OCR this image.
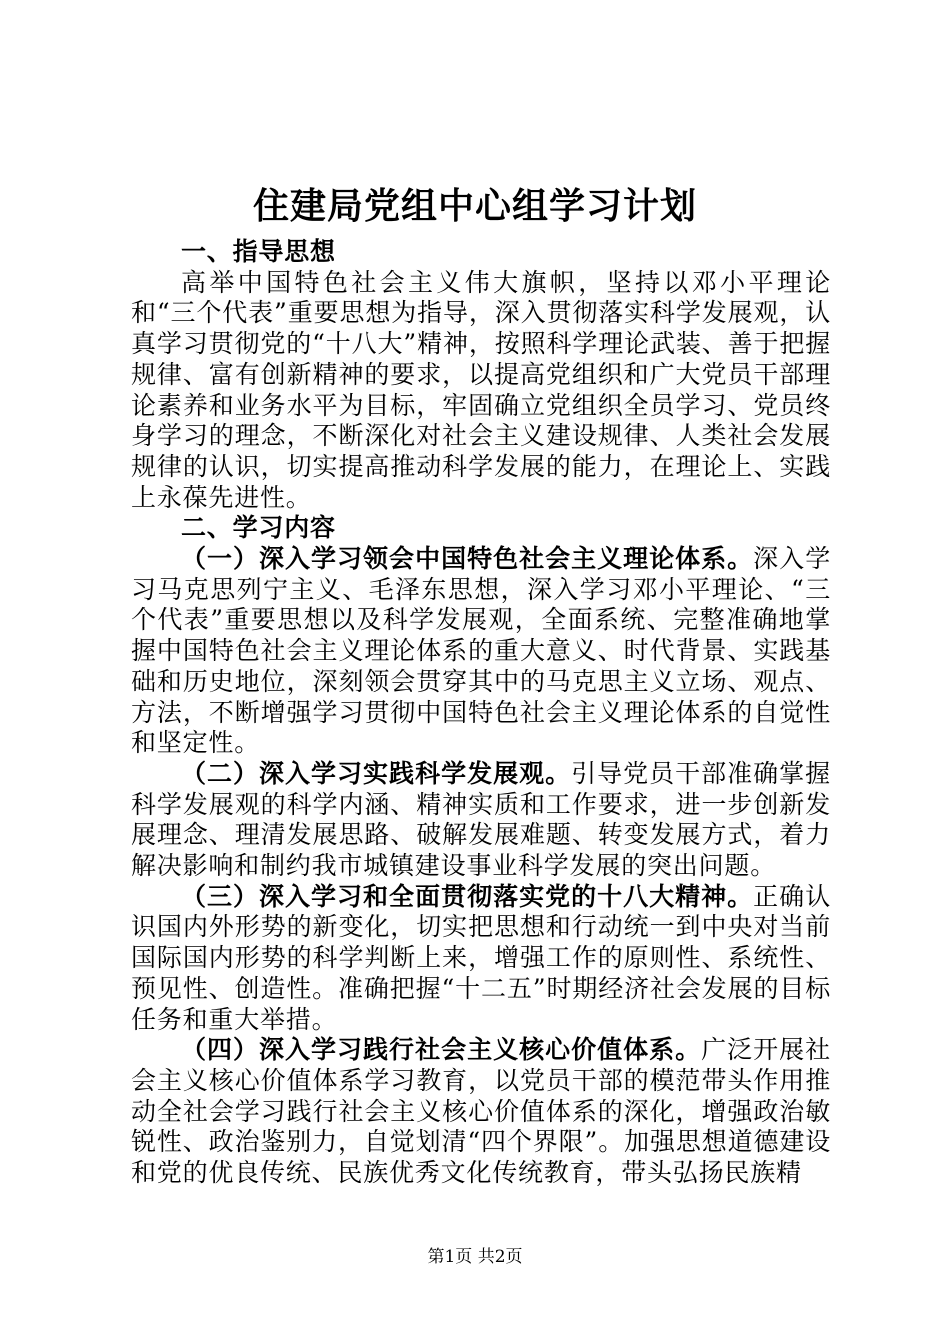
住建局党组中心组学习计划

一、指导思想

高举中国特色社会主义伟大旗帜，坚持以邓小平理论和“三个代表”重要思想为指导，深入贯彻落实科学发展观，认真学习贯彻党的“十八大”精神，按照科学理论武装、善于把握规律、富有创新精神的要求，以提高党组织和广大党员干部理论素养和业务水平为目标，牢固确立党组织全员学习、党员终身学习的理念，不断深化对社会主义建设规律、人类社会发展规律的认识，切实提高推动科学发展的能力，在理论上、实践上永葆先进性。

二、学习内容

（一）深入学习领会中国特色社会主义理论体系。深入学习马克思列宁主义、毛泽东思想，深入学习邓小平理论、“三个代表”重要思想以及科学发展观，全面系统、完整准确地掌握中国特色社会主义理论体系的重大意义、时代背景、实践基础和历史地位，深刻领会贯穿其中的马克思主义立场、观点、方法，不断增强学习贯彻中国特色社会主义理论体系的自觉性和坚定性。

（二）深入学习实践科学发展观。引导党员干部准确掌握科学发展观的科学内涵、精神实质和工作要求，进一步创新发展理念、理清发展思路、破解发展难题、转变发展方式，着力解决影响和制约我市城镇建设事业科学发展的突出问题。

（三）深入学习和全面贯彻落实党的十八大精神。正确认识国内外形势的新变化，切实把思想和行动统一到中央对当前国际国内形势的科学判断上来，增强工作的原则性、系统性、预见性、创造性。准确把握“十二五”时期经济社会发展的目标任务和重大举措。

（四）深入学习践行社会主义核心价值体系。广泛开展社会主义核心价值体系学习教育，以党员干部的模范带头作用推动全社会学习践行社会主义核心价值体系的深化，增强政治敏锐性、政治鉴别力，自觉划清“四个界限”。加强思想道德建设和党的优良传统、民族优秀文化传统教育，带头弘扬民族精

第1页 共2页
